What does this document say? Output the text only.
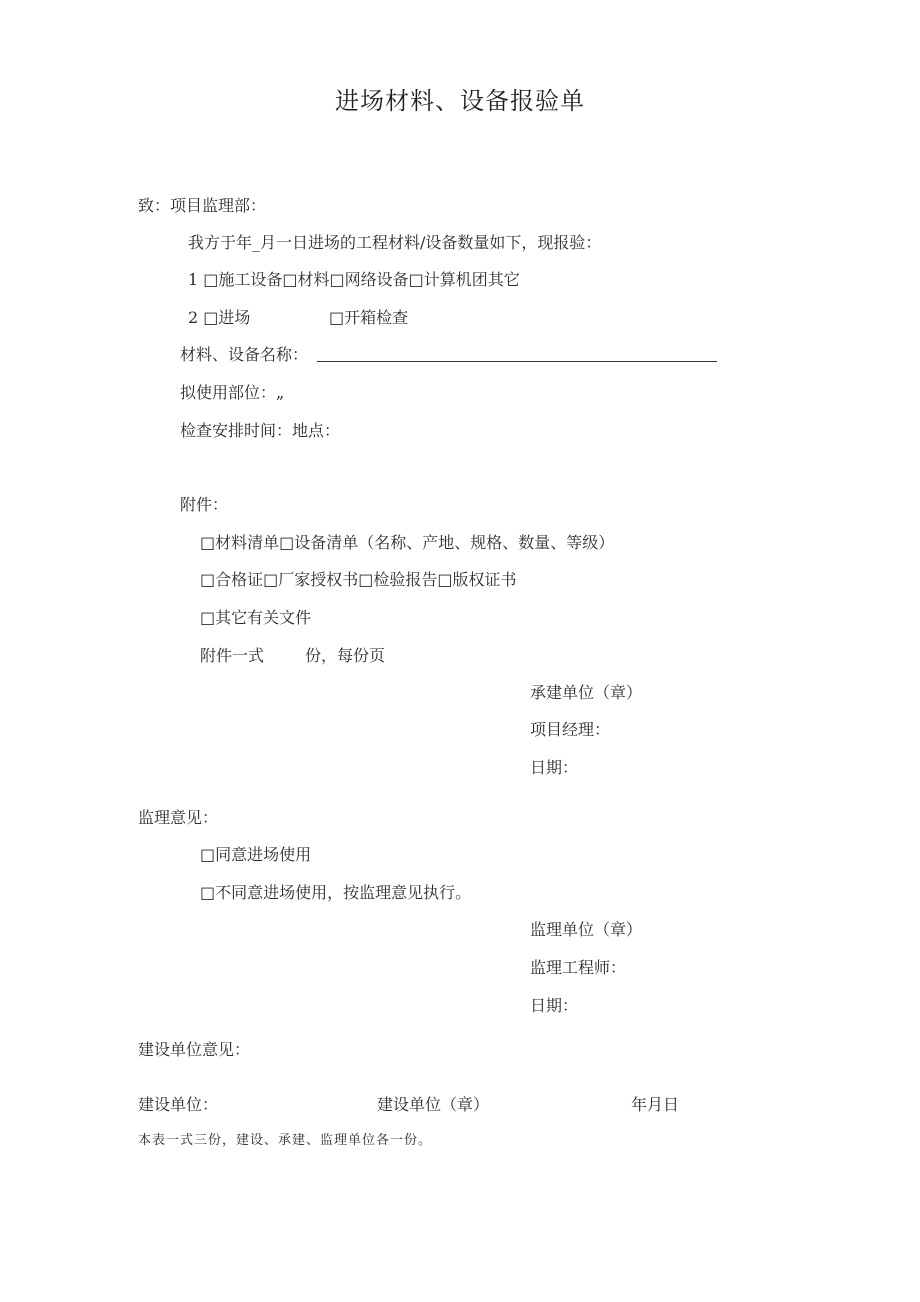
进场材料、设备报验单
致：项目监理部：
我方于年_月一日进场的工程材料/设备数量如下，现报验：
1 □施工设备□材料□网络设备□计算机团其它
2 □进场	□开箱检查
材料、设备名称：
拟使用部位：„
检查安排时间：地点：
附件：
□材料清单□设备清单（名称、产地、规格、数量、等级）
□合格证□厂家授权书□检验报告□版权证书
□其它有关文件
附件一式	份，每份页
承建单位（章）
项目经理：
日期：
监理意见：
□同意进场使用
□不同意进场使用，按监理意见执行。
监理单位（章）
监理工程师：
日期：
建设单位意见：
建设单位：	建设单位（章）	年月日
本表一式三份，建设、承建、监理单位各一份。
